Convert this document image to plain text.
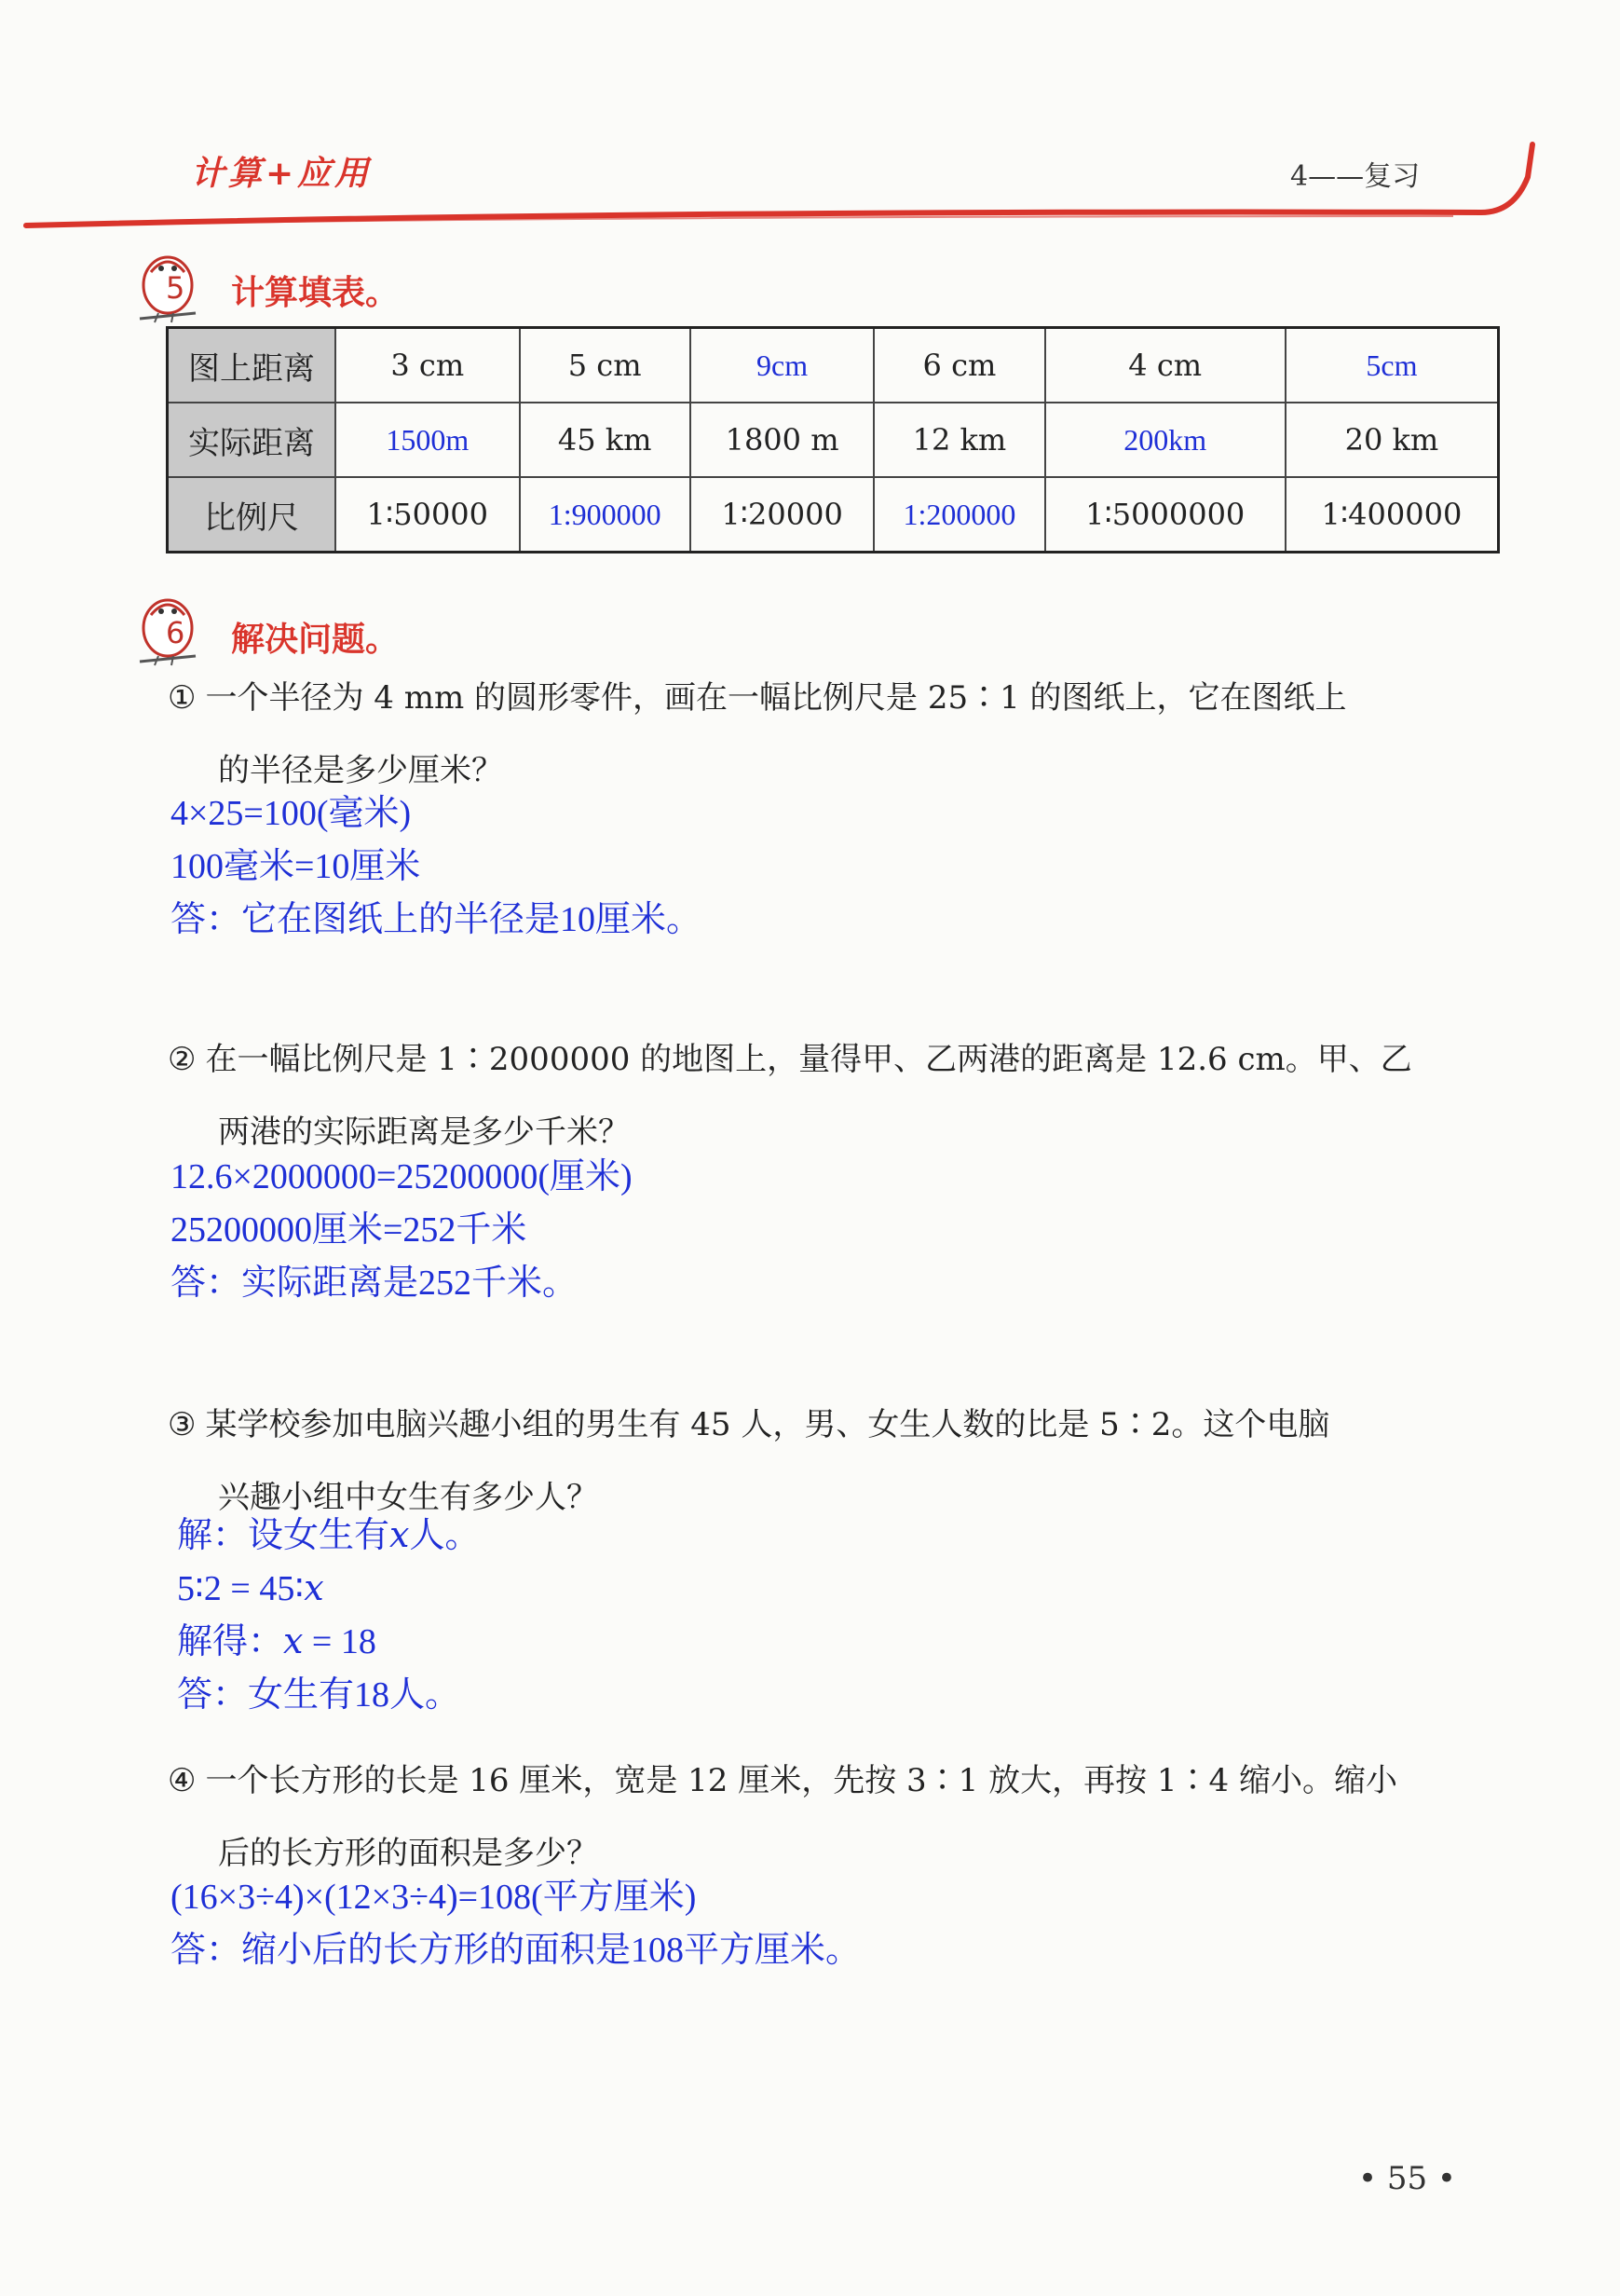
计算+应用	4——复习
5 计算填表。
图上距离	3 cm	5 cm	9cm	6 cm	4 cm	5cm
实际距离	1500m	45 km	1800 m	12 km	200km	20 km
比例尺	1∶50000	1:900000	1∶20000	1:200000	1∶5000000	1∶400000
6 解决问题。
① 一个半径为 4 mm 的圆形零件，画在一幅比例尺是 25∶1 的图纸上，它在图纸上
的半径是多少厘米？
4×25=100(毫米)
100毫米=10厘米
答：它在图纸上的半径是10厘米。
② 在一幅比例尺是 1∶2000000 的地图上，量得甲、乙两港的距离是 12.6 cm。甲、乙
两港的实际距离是多少千米？
12.6×2000000=25200000(厘米)
25200000厘米=252千米
答：实际距离是252千米。
③ 某学校参加电脑兴趣小组的男生有 45 人，男、女生人数的比是 5∶2。这个电脑
兴趣小组中女生有多少人？
解：设女生有𝑥人。
5∶2 = 45∶𝑥
解得：𝑥 = 18
答：女生有18人。
④ 一个长方形的长是 16 厘米，宽是 12 厘米，先按 3∶1 放大，再按 1∶4 缩小。缩小
后的长方形的面积是多少？
(16×3÷4)×(12×3÷4)=108(平方厘米)
答：缩小后的长方形的面积是108平方厘米。
• 55 •
